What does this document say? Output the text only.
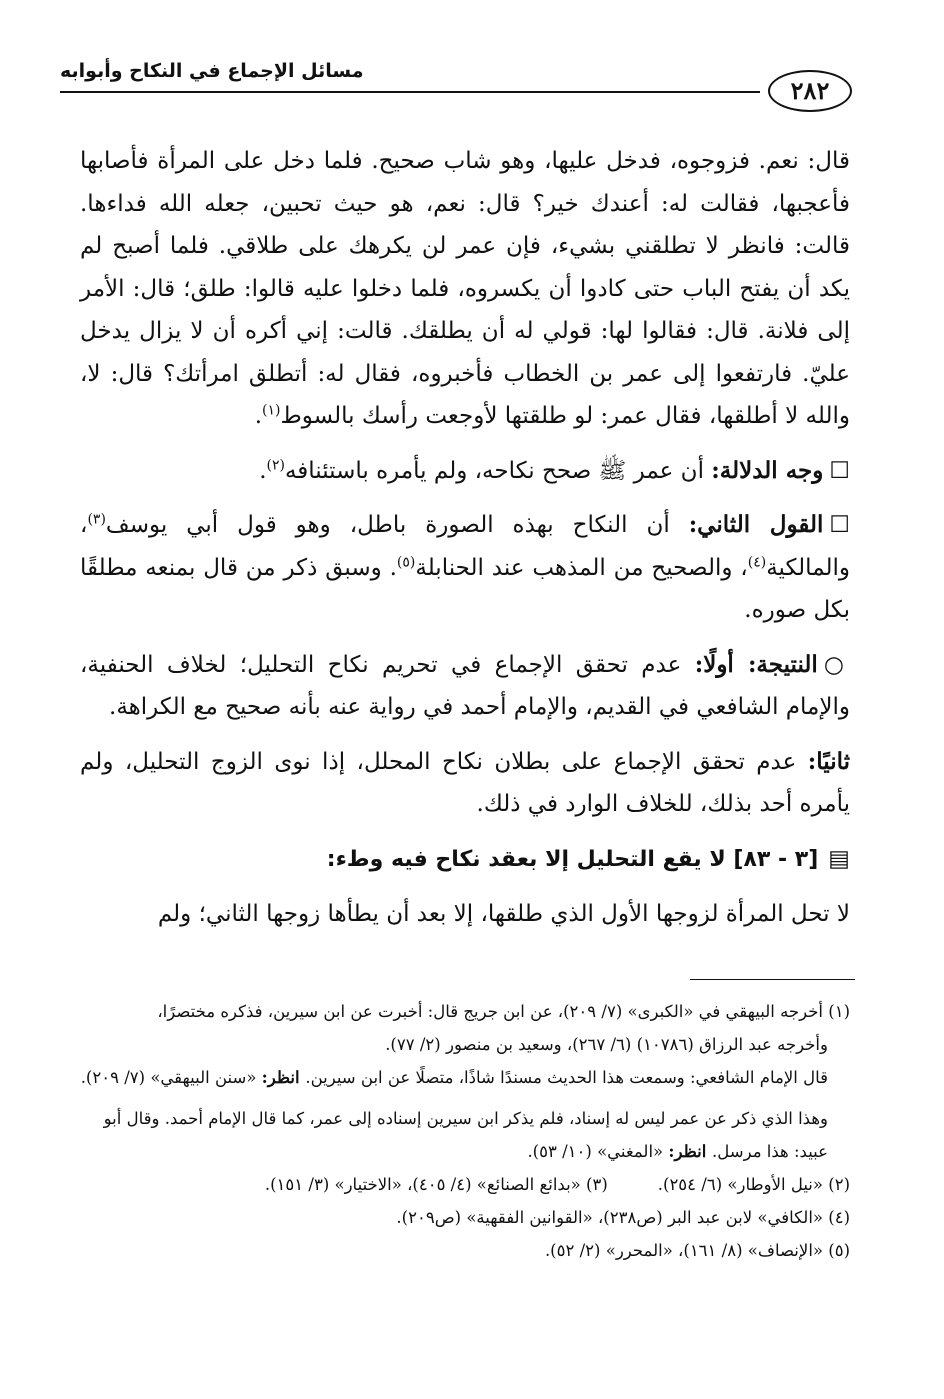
مسائل الإجماع في النكاح وأبوابه
٢٨٢

قال: نعم. فزوجوه، فدخل عليها، وهو شاب صحيح. فلما دخل على المرأة فأصابها فأعجبها، فقالت له: أعندك خير؟ قال: نعم، هو حيث تحبين، جعله الله فداءها. قالت: فانظر لا تطلقني بشيء، فإن عمر لن يكرهك على طلاقي. فلما أصبح لم يكد أن يفتح الباب حتى كادوا أن يكسروه، فلما دخلوا عليه قالوا: طلق؛ قال: الأمر إلى فلانة. قال: فقالوا لها: قولي له أن يطلقك. قالت: إني أكره أن لا يزال يدخل عليّ. فارتفعوا إلى عمر بن الخطاب فأخبروه، فقال له: أتطلق امرأتك؟ قال: لا، والله لا أطلقها، فقال عمر: لو طلقتها لأوجعت رأسك بالسوط$^{(١)}$.

☐وجه الدلالة: أن عمر ﷺ صحح نكاحه، ولم يأمره باستئنافه$^{(٢)}$.

☐القول الثاني: أن النكاح بهذه الصورة باطل، وهو قول أبي يوسف$^{(٣)}$، والمالكية$^{(٤)}$، والصحيح من المذهب عند الحنابلة$^{(٥)}$. وسبق ذكر من قال بمنعه مطلقًا بكل صوره.

○النتيجة: أولًا: عدم تحقق الإجماع في تحريم نكاح التحليل؛ لخلاف الحنفية، والإمام الشافعي في القديم، والإمام أحمد في رواية عنه بأنه صحيح مع الكراهة.

ثانيًا: عدم تحقق الإجماع على بطلان نكاح المحلل، إذا نوى الزوج التحليل، ولم يأمره أحد بذلك، للخلاف الوارد في ذلك.

▤[٣ - ٨٣] لا يقع التحليل إلا بعقد نكاح فيه وطء:

لا تحل المرأة لزوجها الأول الذي طلقها، إلا بعد أن يطأها زوجها الثاني؛ ولم

(١) أخرجه البيهقي في «الكبرى» (٧/ ٢٠٩)، عن ابن جريج قال: أخبرت عن ابن سيرين، فذكره مختصرًا،

وأخرجه عبد الرزاق (١٠٧٨٦) (٦/ ٢٦٧)، وسعيد بن منصور (٢/ ٧٧).

قال الإمام الشافعي: وسمعت هذا الحديث مسندًا شاذًا، متصلًا عن ابن سيرين. انظر: «سنن البيهقي» (٧/ ٢٠٩).

وهذا الذي ذكر عن عمر ليس له إسناد، فلم يذكر ابن سيرين إسناده إلى عمر، كما قال الإمام أحمد. وقال أبو عبيد: هذا مرسل. انظر: «المغني» (١٠/ ٥٣).

(٢) «نيل الأوطار» (٦/ ٢٥٤).(٣) «بدائع الصنائع» (٤/ ٤٠٥)، «الاختيار» (٣/ ١٥١).

(٤) «الكافي» لابن عبد البر (ص٢٣٨)، «القوانين الفقهية» (ص٢٠٩).

(٥) «الإنصاف» (٨/ ١٦١)، «المحرر» (٢/ ٥٢).
